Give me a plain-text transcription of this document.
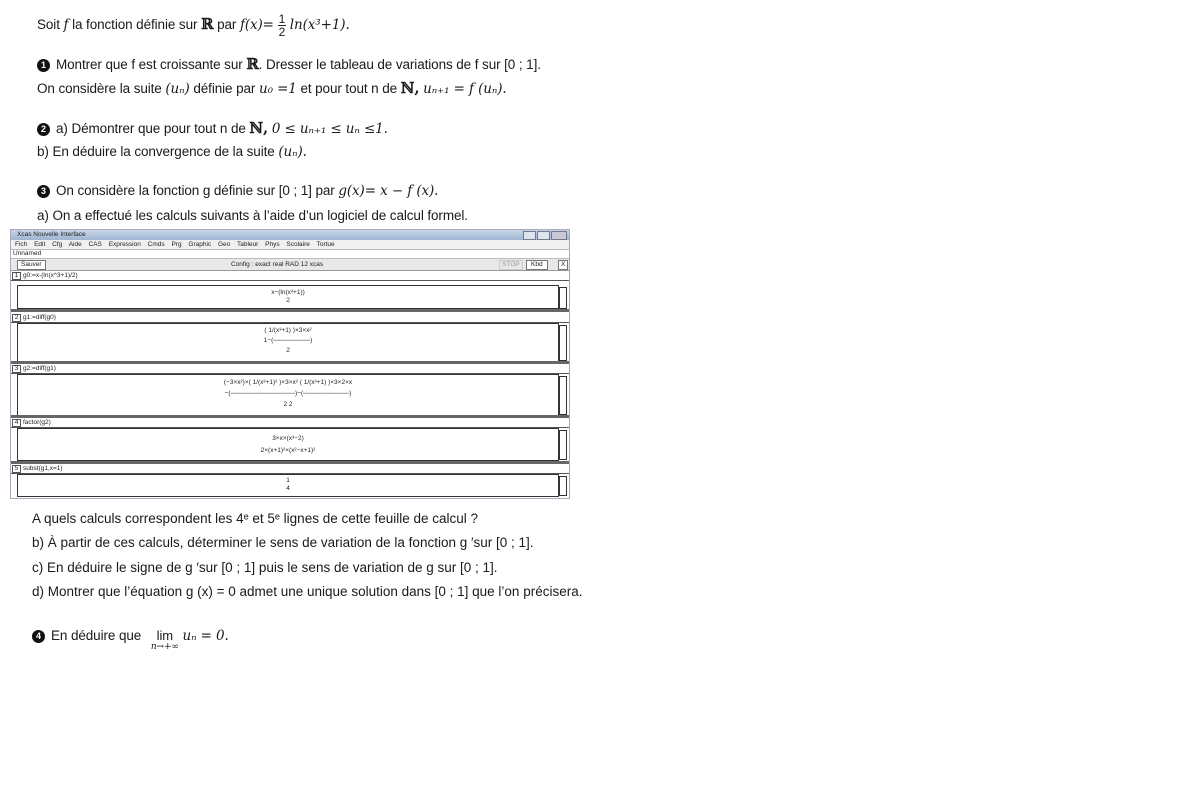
Soit f la fonction définie sur ℝ par $f(x)= \frac{1}{2} \ln(x^3+1)$.
1 Montrer que f est croissante sur ℝ. Dresser le tableau de variations de f sur [0 ; 1].
On considère la suite (uₙ) définie par u₀ =1 et pour tout n de ℕ, uₙ₊₁ = f (uₙ).
2 a) Démontrer que pour tout n de ℕ, 0 ≤ uₙ₊₁ ≤ uₙ ≤1.
b) En déduire la convergence de la suite (uₙ).
3 On considère la fonction g définie sur [0 ; 1] par g(x)= x − f (x).
a) On a effectué les calculs suivants à l’aide d’un logiciel de calcul formel.
Xcas Nouvelle Interface
Fich Edit Cfg Aide CAS Expression Cmds Prg Graphic Geo Tableur Phys Scolaire Tortue
Unnamed
Sauver	Config : exact real RAD 12 xcas	STOP	Kbd	X
1 g0:=x-(ln(x^3+1)/2)
x−(ln(x³+1))
2
2 g1:=diff(g0)
( 1/(x³+1) )×3×x²
1−(────────)
2
3 g2:=diff(g1)
(−3×x²)×( 1/(x³+1)² )×3×x² ( 1/(x³+1) )×3×2×x
−(──────────────)−(──────────)
2 2
4 factor(g2)
3×x×(x³−2)
2×(x+1)²×(x²−x+1)²
5 subst(g1,x=1)
1
4
A quels calculs correspondent les 4ᵉ et 5ᵉ lignes de cette feuille de calcul ?
b) À partir de ces calculs, déterminer le sens de variation de la fonction g ′sur [0 ; 1].
c) En déduire le signe de g ′sur [0 ; 1] puis le sens de variation de g sur [0 ; 1].
d) Montrer que l’équation g (x) = 0 admet une unique solution dans [0 ; 1] que l’on précisera.
4 En déduire que	lim
n→+∞
uₙ = 0.
